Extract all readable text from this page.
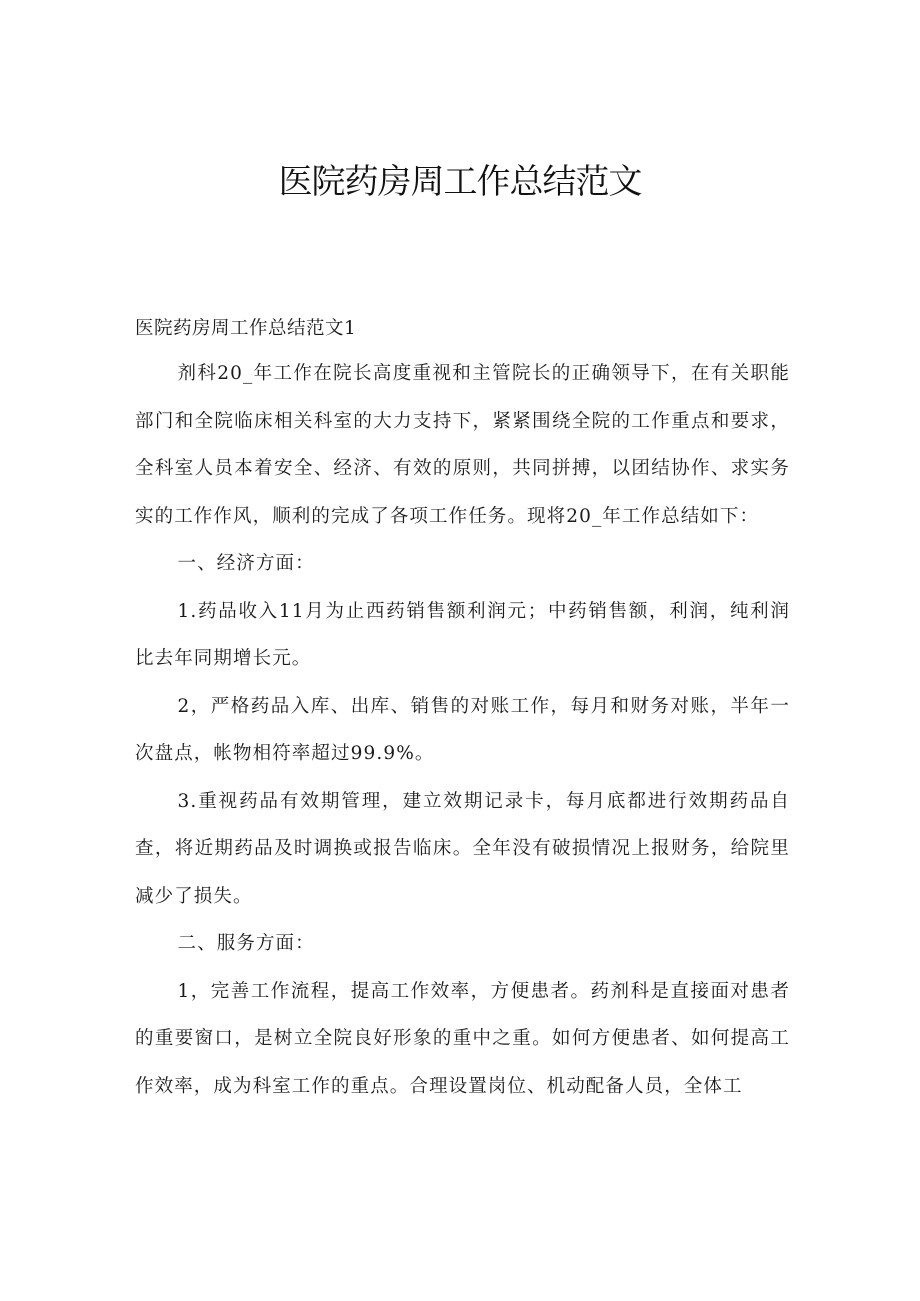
医院药房周工作总结范文

医院药房周工作总结范文1

剂科20_年工作在院长高度重视和主管院长的正确领导下，在有关职能部门和全院临床相关科室的大力支持下，紧紧围绕全院的工作重点和要求，全科室人员本着安全、经济、有效的原则，共同拼搏，以团结协作、求实务实的工作作风，顺利的完成了各项工作任务。现将20_年工作总结如下：

一、经济方面：

1.药品收入11月为止西药销售额利润元；中药销售额，利润，纯利润比去年同期增长元。

2，严格药品入库、出库、销售的对账工作，每月和财务对账，半年一次盘点，帐物相符率超过99.9%。

3.重视药品有效期管理，建立效期记录卡，每月底都进行效期药品自查，将近期药品及时调换或报告临床。全年没有破损情况上报财务，给院里减少了损失。

二、服务方面：

1，完善工作流程，提高工作效率，方便患者。药剂科是直接面对患者的重要窗口，是树立全院良好形象的重中之重。如何方便患者、如何提高工作效率，成为科室工作的重点。合理设置岗位、机动配备人员，全体工
